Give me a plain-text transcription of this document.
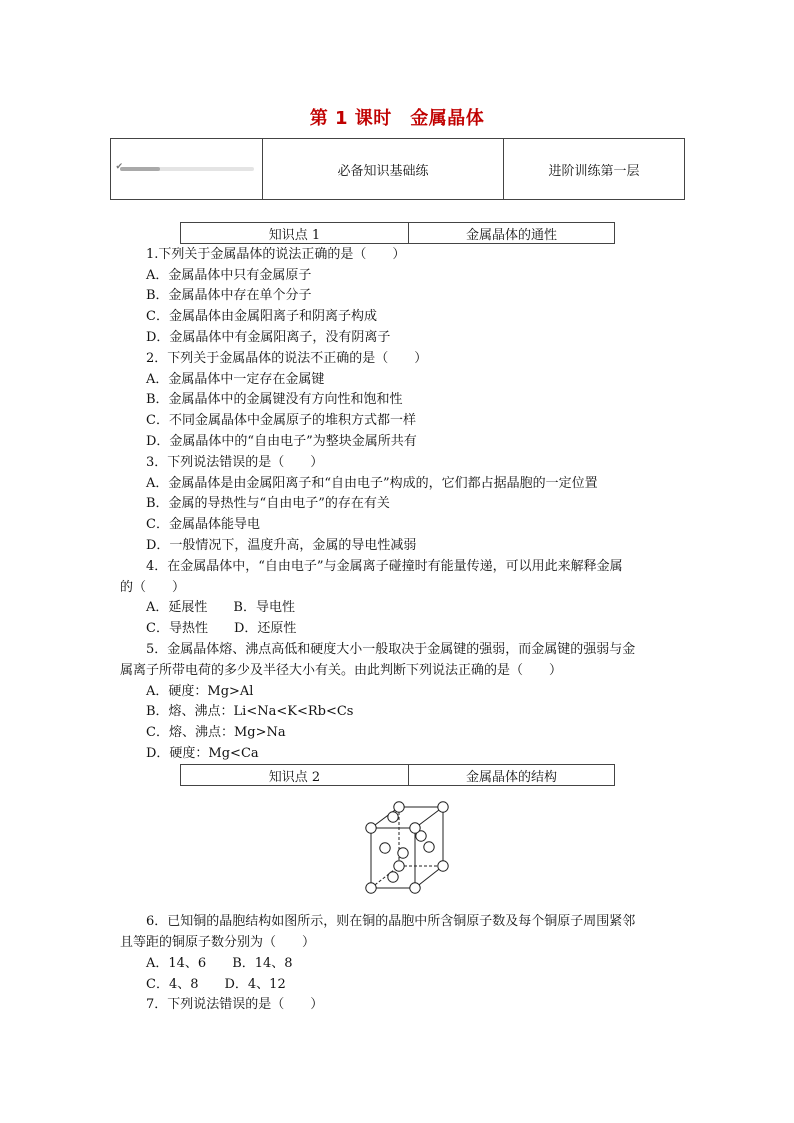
第 1 课时　金属晶体
✔	必备知识基础练	进阶训练第一层
知识点 1	金属晶体的通性
1.下列关于金属晶体的说法正确的是（　　）
A．金属晶体中只有金属原子
B．金属晶体中存在单个分子
C．金属晶体由金属阳离子和阴离子构成
D．金属晶体中有金属阳离子，没有阴离子
2．下列关于金属晶体的说法不正确的是（　　）
A．金属晶体中一定存在金属键
B．金属晶体中的金属键没有方向性和饱和性
C．不同金属晶体中金属原子的堆积方式都一样
D．金属晶体中的“自由电子”为整块金属所共有
3．下列说法错误的是（　　）
A．金属晶体是由金属阳离子和“自由电子”构成的，它们都占据晶胞的一定位置
B．金属的导热性与“自由电子”的存在有关
C．金属晶体能导电
D．一般情况下，温度升高，金属的导电性减弱
4．在金属晶体中，“自由电子”与金属离子碰撞时有能量传递，可以用此来解释金属
的（　　）
A．延展性　　B．导电性
C．导热性　　D．还原性
5．金属晶体熔、沸点高低和硬度大小一般取决于金属键的强弱，而金属键的强弱与金
属离子所带电荷的多少及半径大小有关。由此判断下列说法正确的是（　　）
A．硬度：Mg>Al
B．熔、沸点：Li<Na<K<Rb<Cs
C．熔、沸点：Mg>Na
D．硬度：Mg<Ca
知识点 2	金属晶体的结构
6．已知铜的晶胞结构如图所示，则在铜的晶胞中所含铜原子数及每个铜原子周围紧邻
且等距的铜原子数分别为（　　）
A．14、6　　B．14、8
C．4、8　　D．4、12
7．下列说法错误的是（　　）
